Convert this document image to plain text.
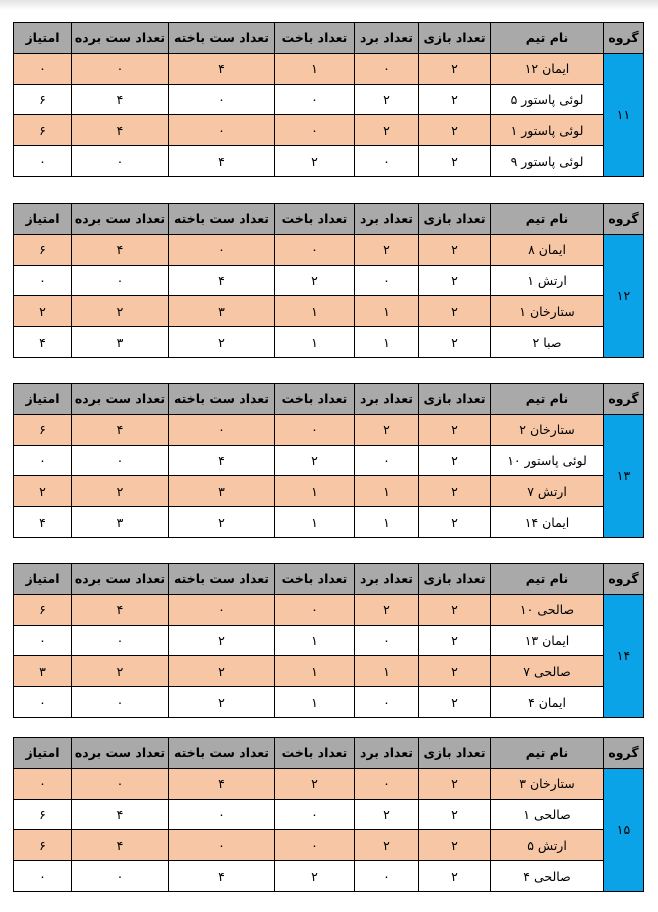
گروه	نام تیم	تعداد بازی	تعداد برد	تعداد باخت	تعداد ست باخته	تعداد ست برده	امتیاز
۱۱	ایمان ۱۲	۲	۰	۱	۴	۰	۰
	لوئی پاستور ۵	۲	۲	۰	۰	۴	۶
	لوئی پاستور ۱	۲	۲	۰	۰	۴	۶
	لوئی پاستور ۹	۲	۰	۲	۴	۰	۰
گروه	نام تیم	تعداد بازی	تعداد برد	تعداد باخت	تعداد ست باخته	تعداد ست برده	امتیاز
۱۲	ایمان ۸	۲	۲	۰	۰	۴	۶
	ارتش ۱	۲	۰	۲	۴	۰	۰
	ستارخان ۱	۲	۱	۱	۳	۲	۲
	صبا ۲	۲	۱	۱	۲	۳	۴
گروه	نام تیم	تعداد بازی	تعداد برد	تعداد باخت	تعداد ست باخته	تعداد ست برده	امتیاز
۱۳	ستارخان ۲	۲	۲	۰	۰	۴	۶
	لوئی پاستور ۱۰	۲	۰	۲	۴	۰	۰
	ارتش ۷	۲	۱	۱	۳	۲	۲
	ایمان ۱۴	۲	۱	۱	۲	۳	۴
گروه	نام تیم	تعداد بازی	تعداد برد	تعداد باخت	تعداد ست باخته	تعداد ست برده	امتیاز
۱۴	صالحی ۱۰	۲	۲	۰	۰	۴	۶
	ایمان ۱۳	۲	۰	۱	۲	۰	۰
	صالحی ۷	۲	۱	۱	۲	۲	۳
	ایمان ۴	۲	۰	۱	۲	۰	۰
گروه	نام تیم	تعداد بازی	تعداد برد	تعداد باخت	تعداد ست باخته	تعداد ست برده	امتیاز
۱۵	ستارخان ۳	۲	۰	۲	۴	۰	۰
	صالحی ۱	۲	۲	۰	۰	۴	۶
	ارتش ۵	۲	۲	۰	۰	۴	۶
	صالحی ۴	۲	۰	۲	۴	۰	۰
